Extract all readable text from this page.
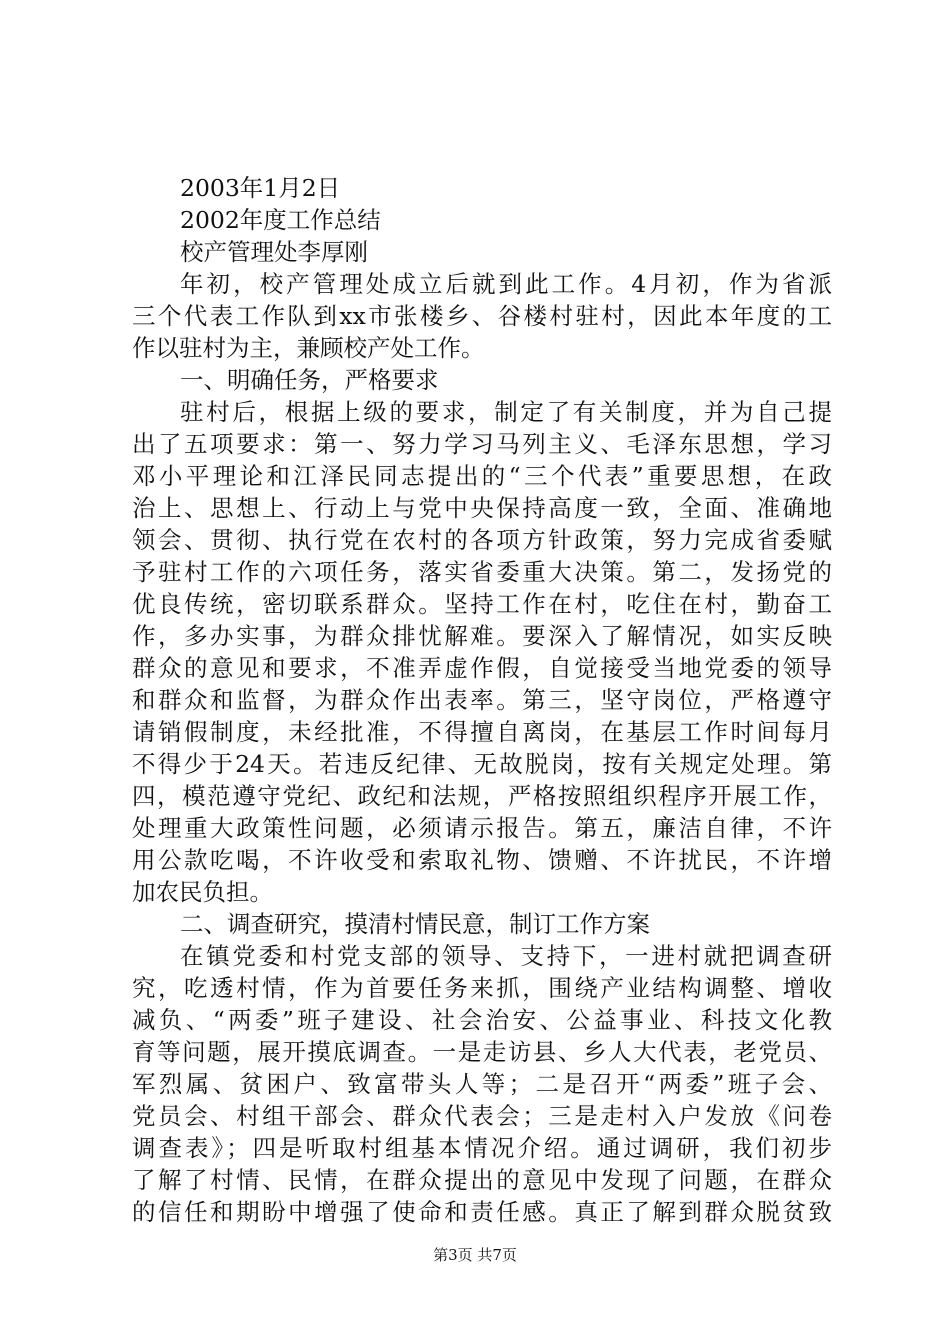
2003年1月2日
2002年度工作总结
校产管理处李厚刚
年初，校产管理处成立后就到此工作。4月初，作为省派
三个代表工作队到xx市张楼乡、谷楼村驻村，因此本年度的工
作以驻村为主，兼顾校产处工作。
一、明确任务，严格要求
驻村后，根据上级的要求，制定了有关制度，并为自己提
出了五项要求：第一、努力学习马列主义、毛泽东思想，学习
邓小平理论和江泽民同志提出的“三个代表”重要思想，在政
治上、思想上、行动上与党中央保持高度一致，全面、准确地
领会、贯彻、执行党在农村的各项方针政策，努力完成省委赋
予驻村工作的六项任务，落实省委重大决策。第二，发扬党的
优良传统，密切联系群众。坚持工作在村，吃住在村，勤奋工
作，多办实事，为群众排忧解难。要深入了解情况，如实反映
群众的意见和要求，不准弄虚作假，自觉接受当地党委的领导
和群众和监督，为群众作出表率。第三，坚守岗位，严格遵守
请销假制度，未经批准，不得擅自离岗，在基层工作时间每月
不得少于24天。若违反纪律、无故脱岗，按有关规定处理。第
四，模范遵守党纪、政纪和法规，严格按照组织程序开展工作，
处理重大政策性问题，必须请示报告。第五，廉洁自律，不许
用公款吃喝，不许收受和索取礼物、馈赠、不许扰民，不许增
加农民负担。
二、调查研究，摸清村情民意，制订工作方案
在镇党委和村党支部的领导、支持下，一进村就把调查研
究，吃透村情，作为首要任务来抓，围绕产业结构调整、增收
减负、“两委”班子建设、社会治安、公益事业、科技文化教
育等问题，展开摸底调查。一是走访县、乡人大代表，老党员、
军烈属、贫困户、致富带头人等；二是召开“两委”班子会、
党员会、村组干部会、群众代表会；三是走村入户发放《问卷
调查表》；四是听取村组基本情况介绍。通过调研，我们初步
了解了村情、民情，在群众提出的意见中发现了问题，在群众
的信任和期盼中增强了使命和责任感。真正了解到群众脱贫致
第3页 共7页
